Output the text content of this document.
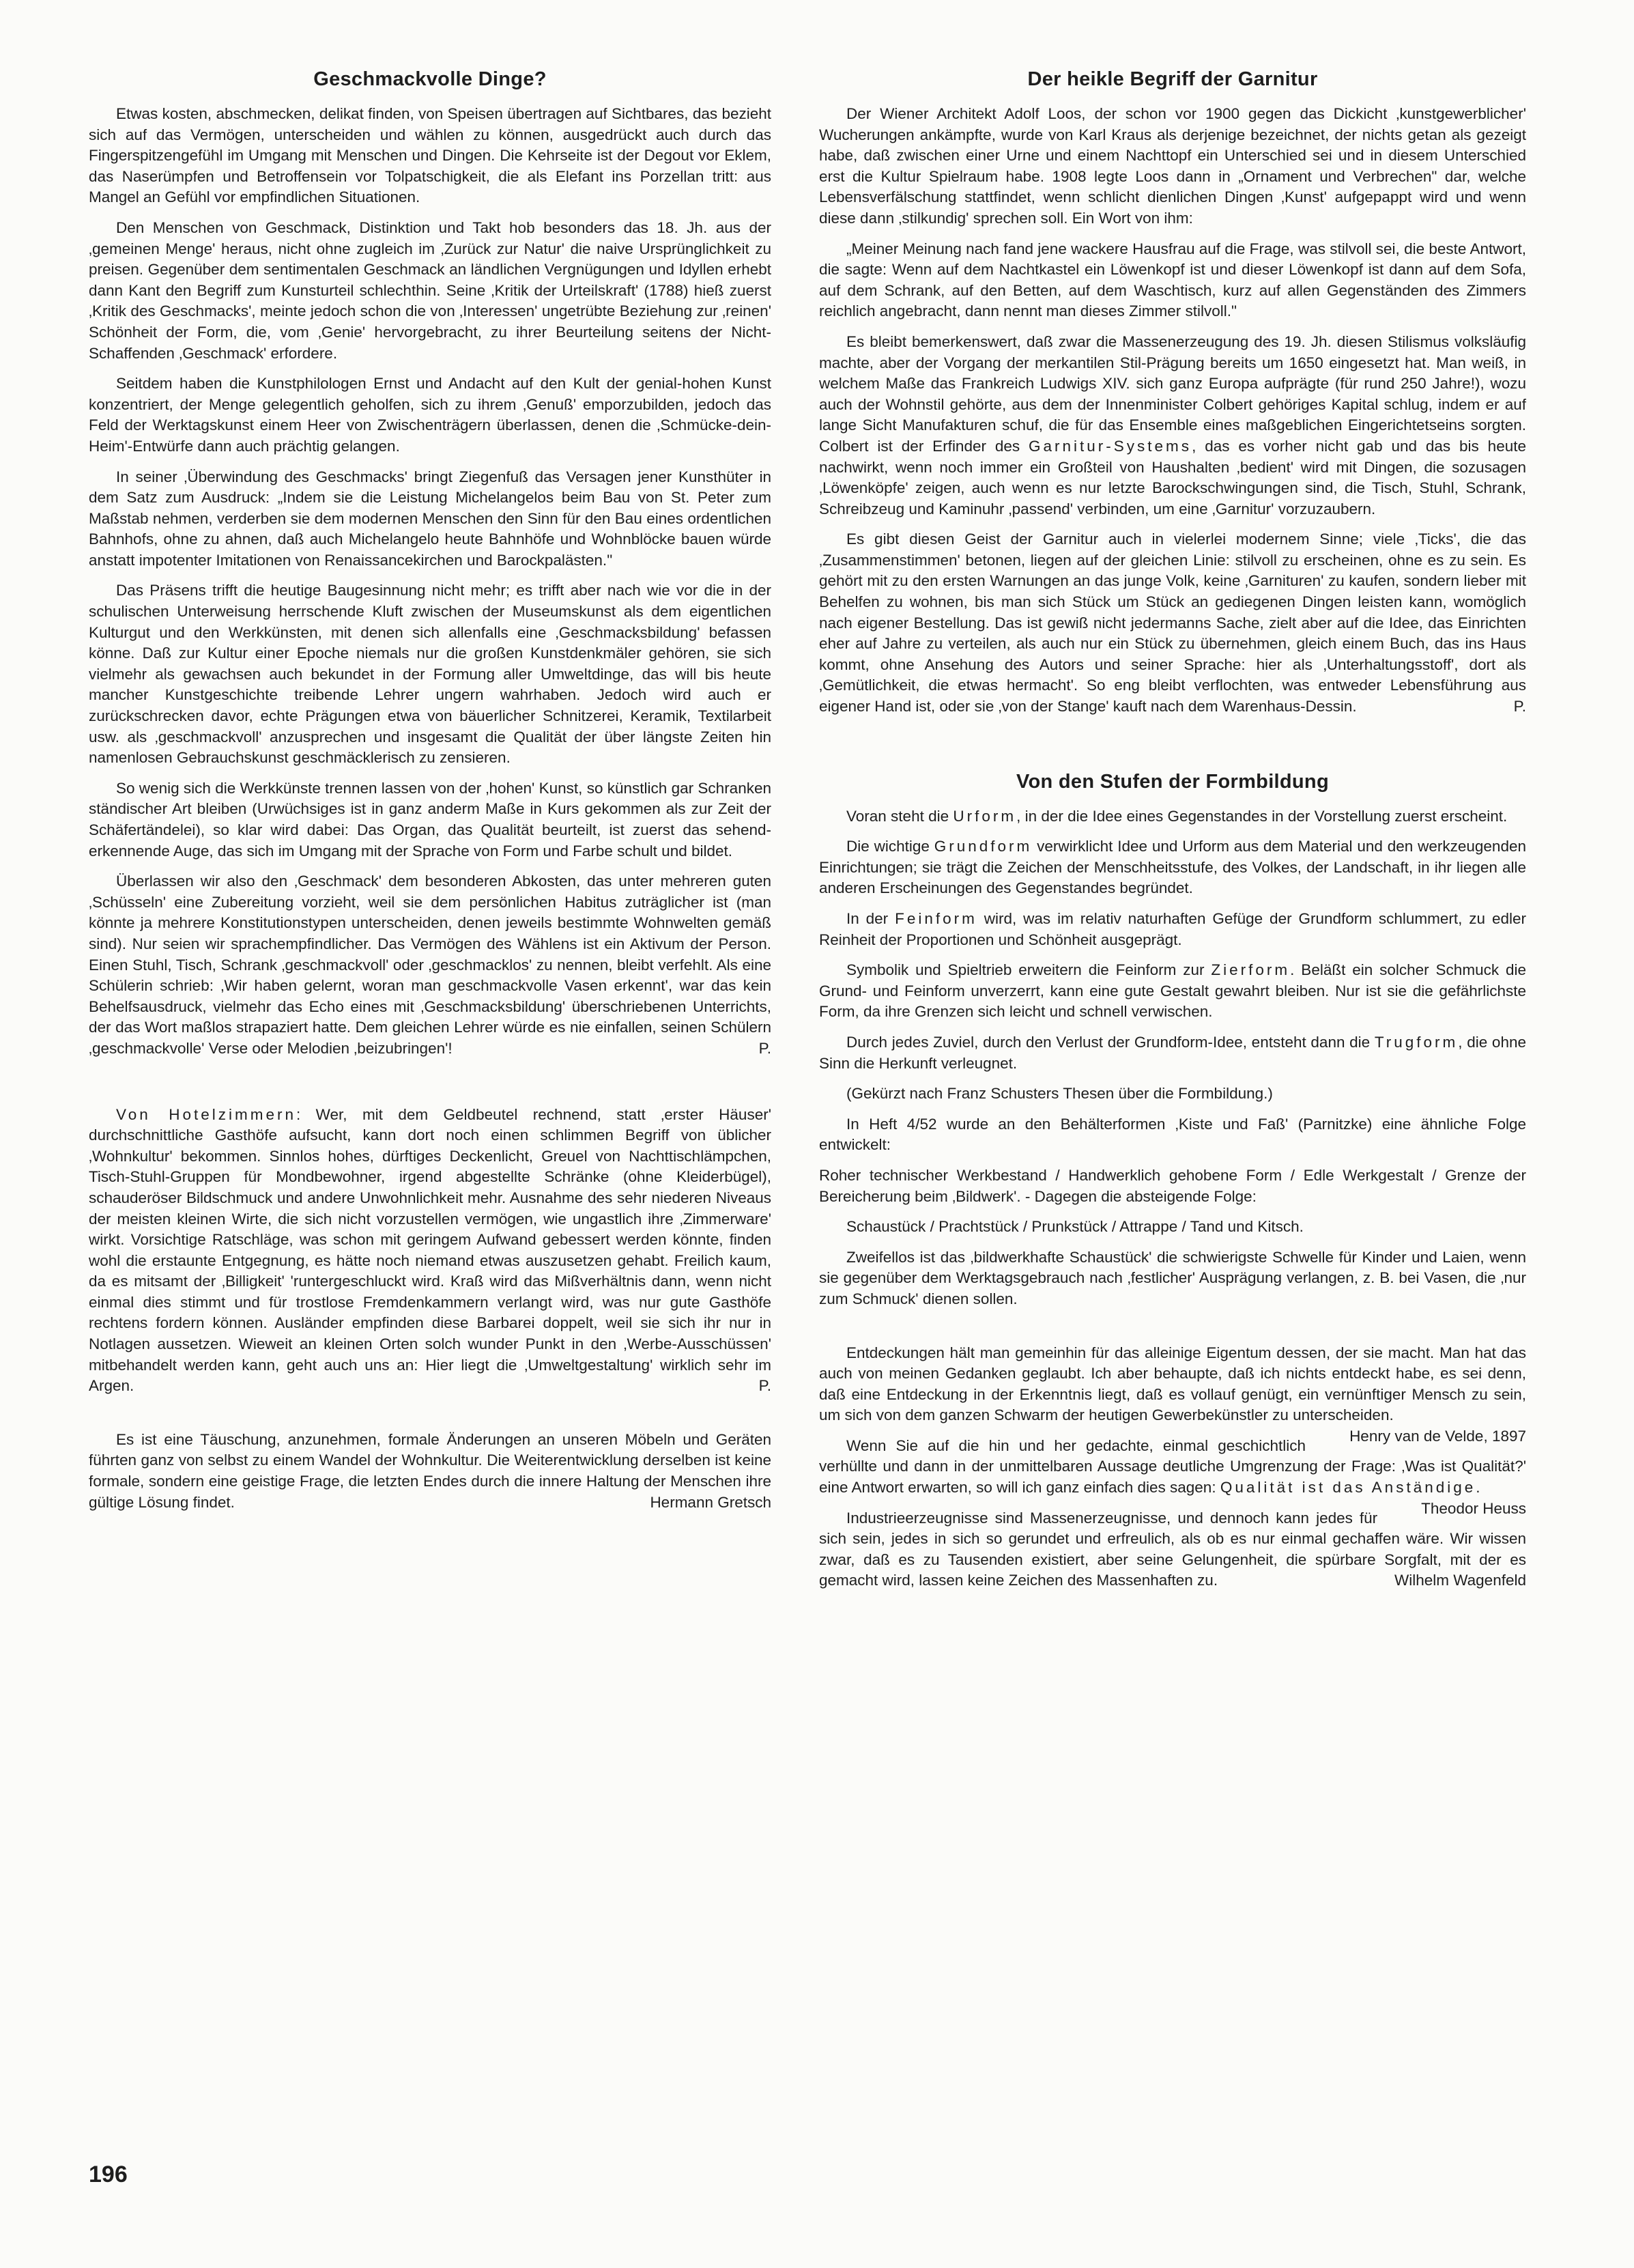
Geschmackvolle Dinge?

Etwas kosten, abschmecken, delikat finden, von Speisen übertragen auf Sichtbares, das bezieht sich auf das Vermögen, unterscheiden und wählen zu können, ausgedrückt auch durch das Fingerspitzengefühl im Umgang mit Menschen und Dingen. Die Kehrseite ist der Degout vor Eklem, das Naserümpfen und Betroffensein vor Tolpatschigkeit, die als Elefant ins Porzellan tritt: aus Mangel an Gefühl vor empfindlichen Situationen.

Den Menschen von Geschmack, Distinktion und Takt hob besonders das 18. Jh. aus der ‚gemeinen Menge' heraus, nicht ohne zugleich im ‚Zurück zur Natur' die naive Ursprünglichkeit zu preisen. Gegenüber dem sentimentalen Geschmack an ländlichen Vergnügungen und Idyllen erhebt dann Kant den Begriff zum Kunsturteil schlechthin. Seine ‚Kritik der Urteilskraft' (1788) hieß zuerst ‚Kritik des Geschmacks', meinte jedoch schon die von ‚Interessen' ungetrübte Beziehung zur ‚reinen' Schönheit der Form, die, vom ‚Genie' hervorgebracht, zu ihrer Beurteilung seitens der Nicht-Schaffenden ‚Geschmack' erfordere.

Seitdem haben die Kunstphilologen Ernst und Andacht auf den Kult der genial-hohen Kunst konzentriert, der Menge gelegentlich geholfen, sich zu ihrem ‚Genuß' emporzubilden, jedoch das Feld der Werktagskunst einem Heer von Zwischenträgern überlassen, denen die ‚Schmücke-dein-Heim'-Entwürfe dann auch prächtig gelangen.

In seiner ‚Überwindung des Geschmacks' bringt Ziegenfuß das Versagen jener Kunsthüter in dem Satz zum Ausdruck: „Indem sie die Leistung Michelangelos beim Bau von St. Peter zum Maßstab nehmen, verderben sie dem modernen Menschen den Sinn für den Bau eines ordentlichen Bahnhofs, ohne zu ahnen, daß auch Michelangelo heute Bahnhöfe und Wohnblöcke bauen würde anstatt impotenter Imitationen von Renaissancekirchen und Barockpalästen."

Das Präsens trifft die heutige Baugesinnung nicht mehr; es trifft aber nach wie vor die in der schulischen Unterweisung herrschende Kluft zwischen der Museumskunst als dem eigentlichen Kulturgut und den Werkkünsten, mit denen sich allenfalls eine ‚Geschmacksbildung' befassen könne. Daß zur Kultur einer Epoche niemals nur die großen Kunstdenkmäler gehören, sie sich vielmehr als gewachsen auch bekundet in der Formung aller Umweltdinge, das will bis heute mancher Kunstgeschichte treibende Lehrer ungern wahrhaben. Jedoch wird auch er zurückschrecken davor, echte Prägungen etwa von bäuerlicher Schnitzerei, Keramik, Textilarbeit usw. als ‚geschmackvoll' anzusprechen und insgesamt die Qualität der über längste Zeiten hin namenlosen Gebrauchskunst geschmäcklerisch zu zensieren.

So wenig sich die Werkkünste trennen lassen von der ‚hohen' Kunst, so künstlich gar Schranken ständischer Art bleiben (Urwüchsiges ist in ganz anderm Maße in Kurs gekommen als zur Zeit der Schäfertändelei), so klar wird dabei: Das Organ, das Qualität beurteilt, ist zuerst das sehend-erkennende Auge, das sich im Umgang mit der Sprache von Form und Farbe schult und bildet.

Überlassen wir also den ‚Geschmack' dem besonderen Abkosten, das unter mehreren guten ‚Schüsseln' eine Zubereitung vorzieht, weil sie dem persönlichen Habitus zuträglicher ist (man könnte ja mehrere Konstitutionstypen unterscheiden, denen jeweils bestimmte Wohnwelten gemäß sind). Nur seien wir sprachempfindlicher. Das Vermögen des Wählens ist ein Aktivum der Person. Einen Stuhl, Tisch, Schrank ‚geschmackvoll' oder ‚geschmacklos' zu nennen, bleibt verfehlt. Als eine Schülerin schrieb: ‚Wir haben gelernt, woran man geschmackvolle Vasen erkennt', war das kein Behelfsausdruck, vielmehr das Echo eines mit ‚Geschmacksbildung' überschriebenen Unterrichts, der das Wort maßlos strapaziert hatte. Dem gleichen Lehrer würde es nie einfallen, seinen Schülern ‚geschmackvolle' Verse oder Melodien ‚beizubringen'!	P.

Von Hotelzimmern: Wer, mit dem Geldbeutel rechnend, statt ‚erster Häuser' durchschnittliche Gasthöfe aufsucht, kann dort noch einen schlimmen Begriff von üblicher ‚Wohnkultur' bekommen. Sinnlos hohes, dürftiges Deckenlicht, Greuel von Nachttischlämpchen, Tisch-Stuhl-Gruppen für Mondbewohner, irgend abgestellte Schränke (ohne Kleiderbügel), schauderöser Bildschmuck und andere Unwohnlichkeit mehr. Ausnahme des sehr niederen Niveaus der meisten kleinen Wirte, die sich nicht vorzustellen vermögen, wie ungastlich ihre ‚Zimmerware' wirkt. Vorsichtige Ratschläge, was schon mit geringem Aufwand gebessert werden könnte, finden wohl die erstaunte Entgegnung, es hätte noch niemand etwas auszusetzen gehabt. Freilich kaum, da es mitsamt der ‚Billigkeit' 'runtergeschluckt wird. Kraß wird das Mißverhältnis dann, wenn nicht einmal dies stimmt und für trostlose Fremdenkammern verlangt wird, was nur gute Gasthöfe rechtens fordern können. Ausländer empfinden diese Barbarei doppelt, weil sie sich ihr nur in Notlagen aussetzen. Wieweit an kleinen Orten solch wunder Punkt in den ‚Werbe-Ausschüssen' mitbehandelt werden kann, geht auch uns an: Hier liegt die ‚Umweltgestaltung' wirklich sehr im Argen.	P.

Es ist eine Täuschung, anzunehmen, formale Änderungen an unseren Möbeln und Geräten führten ganz von selbst zu einem Wandel der Wohnkultur. Die Weiterentwicklung derselben ist keine formale, sondern eine geistige Frage, die letzten Endes durch die innere Haltung der Menschen ihre gültige Lösung findet.	Hermann Gretsch

Der heikle Begriff der Garnitur

Der Wiener Architekt Adolf Loos, der schon vor 1900 gegen das Dickicht ‚kunstgewerblicher' Wucherungen ankämpfte, wurde von Karl Kraus als derjenige bezeichnet, der nichts getan als gezeigt habe, daß zwischen einer Urne und einem Nachttopf ein Unterschied sei und in diesem Unterschied erst die Kultur Spielraum habe. 1908 legte Loos dann in „Ornament und Verbrechen" dar, welche Lebensverfälschung stattfindet, wenn schlicht dienlichen Dingen ‚Kunst' aufgepappt wird und wenn diese dann ‚stilkundig' sprechen soll. Ein Wort von ihm:

„Meiner Meinung nach fand jene wackere Hausfrau auf die Frage, was stilvoll sei, die beste Antwort, die sagte: Wenn auf dem Nachtkastel ein Löwenkopf ist und dieser Löwenkopf ist dann auf dem Sofa, auf dem Schrank, auf den Betten, auf dem Waschtisch, kurz auf allen Gegenständen des Zimmers reichlich angebracht, dann nennt man dieses Zimmer stilvoll."

Es bleibt bemerkenswert, daß zwar die Massenerzeugung des 19. Jh. diesen Stilismus volksläufig machte, aber der Vorgang der merkantilen Stil-Prägung bereits um 1650 eingesetzt hat. Man weiß, in welchem Maße das Frankreich Ludwigs XIV. sich ganz Europa aufprägte (für rund 250 Jahre!), wozu auch der Wohnstil gehörte, aus dem der Innenminister Colbert gehöriges Kapital schlug, indem er auf lange Sicht Manufakturen schuf, die für das Ensemble eines maßgeblichen Eingerichtetseins sorgten. Colbert ist der Erfinder des Garnitur-Systems, das es vorher nicht gab und das bis heute nachwirkt, wenn noch immer ein Großteil von Haushalten ‚bedient' wird mit Dingen, die sozusagen ‚Löwenköpfe' zeigen, auch wenn es nur letzte Barockschwingungen sind, die Tisch, Stuhl, Schrank, Schreibzeug und Kaminuhr ‚passend' verbinden, um eine ‚Garnitur' vorzuzaubern.

Es gibt diesen Geist der Garnitur auch in vielerlei modernem Sinne; viele ‚Ticks', die das ‚Zusammenstimmen' betonen, liegen auf der gleichen Linie: stilvoll zu erscheinen, ohne es zu sein. Es gehört mit zu den ersten Warnungen an das junge Volk, keine ‚Garnituren' zu kaufen, sondern lieber mit Behelfen zu wohnen, bis man sich Stück um Stück an gediegenen Dingen leisten kann, womöglich nach eigener Bestellung. Das ist gewiß nicht jedermanns Sache, zielt aber auf die Idee, das Einrichten eher auf Jahre zu verteilen, als auch nur ein Stück zu übernehmen, gleich einem Buch, das ins Haus kommt, ohne Ansehung des Autors und seiner Sprache: hier als ‚Unterhaltungsstoff', dort als ‚Gemütlichkeit, die etwas hermacht'. So eng bleibt verflochten, was entweder Lebensführung aus eigener Hand ist, oder sie ‚von der Stange' kauft nach dem Warenhaus-Dessin.	P.

Von den Stufen der Formbildung

Voran steht die Urform, in der die Idee eines Gegenstandes in der Vorstellung zuerst erscheint.

Die wichtige Grundform verwirklicht Idee und Urform aus dem Material und den werkzeugenden Einrichtungen; sie trägt die Zeichen der Menschheitsstufe, des Volkes, der Landschaft, in ihr liegen alle anderen Erscheinungen des Gegenstandes begründet.

In der Feinform wird, was im relativ naturhaften Gefüge der Grundform schlummert, zu edler Reinheit der Proportionen und Schönheit ausgeprägt.

Symbolik und Spieltrieb erweitern die Feinform zur Zierform. Beläßt ein solcher Schmuck die Grund- und Feinform unverzerrt, kann eine gute Gestalt gewahrt bleiben. Nur ist sie die gefährlichste Form, da ihre Grenzen sich leicht und schnell verwischen.

Durch jedes Zuviel, durch den Verlust der Grundform-Idee, entsteht dann die Trugform, die ohne Sinn die Herkunft verleugnet.

(Gekürzt nach Franz Schusters Thesen über die Formbildung.)

In Heft 4/52 wurde an den Behälterformen ‚Kiste und Faß' (Parnitzke) eine ähnliche Folge entwickelt:

Roher technischer Werkbestand / Handwerklich gehobene Form / Edle Werkgestalt / Grenze der Bereicherung beim ‚Bildwerk'. - Dagegen die absteigende Folge:

Schaustück / Prachtstück / Prunkstück / Attrappe / Tand und Kitsch.

Zweifellos ist das ‚bildwerkhafte Schaustück' die schwierigste Schwelle für Kinder und Laien, wenn sie gegenüber dem Werktagsgebrauch nach ‚festlicher' Ausprägung verlangen, z. B. bei Vasen, die ‚nur zum Schmuck' dienen sollen.

Entdeckungen hält man gemeinhin für das alleinige Eigentum dessen, der sie macht. Man hat das auch von meinen Gedanken geglaubt. Ich aber behaupte, daß ich nichts entdeckt habe, es sei denn, daß eine Entdeckung in der Erkenntnis liegt, daß es vollauf genügt, ein vernünftiger Mensch zu sein, um sich von dem ganzen Schwarm der heutigen Gewerbekünstler zu unterscheiden.
Henry van de Velde, 1897

Wenn Sie auf die hin und her gedachte, einmal geschichtlich verhüllte und dann in der unmittelbaren Aussage deutliche Umgrenzung der Frage: ‚Was ist Qualität?' eine Antwort erwarten, so will ich ganz einfach dies sagen: Qualität ist das Anständige.
Theodor Heuss

Industrieerzeugnisse sind Massenerzeugnisse, und dennoch kann jedes für sich sein, jedes in sich so gerundet und erfreulich, als ob es nur einmal gechaffen wäre. Wir wissen zwar, daß es zu Tausenden existiert, aber seine Gelungenheit, die spürbare Sorgfalt, mit der es gemacht wird, lassen keine Zeichen des Massenhaften zu.	Wilhelm Wagenfeld

196
